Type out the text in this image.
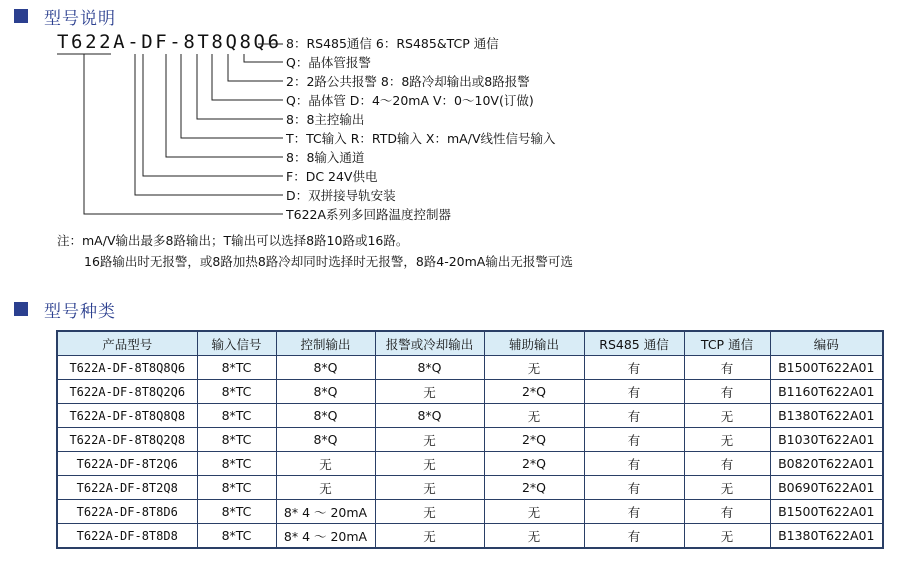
型号说明
T622A-DF-8T8Q8Q6 8：RS485通信 6：RS485&TCP 通信
Q：晶体管报警
2：2路公共报警 8：8路冷却输出或8路报警
Q：晶体管 D：4～20mA V：0～10V(订做)
8：8主控输出
T：TC输入 R：RTD输入 X：mA/V线性信号输入
8：8输入通道
F：DC 24V供电
D：双拼接导轨安装
T622A系列多回路温度控制器
注：mA/V输出最多8路输出；T输出可以选择8路10路或16路。
16路输出时无报警，或8路加热8路冷却同时选择时无报警，8路4-20mA输出无报警可选
型号种类
产品型号	输入信号	控制输出	报警或冷却输出	辅助输出	RS485 通信	TCP 通信	编码
T622A-DF-8T8Q8Q6	8*TC	8*Q	8*Q	无	有	有	B1500T622A01
T622A-DF-8T8Q2Q6	8*TC	8*Q	无	2*Q	有	有	B1160T622A01
T622A-DF-8T8Q8Q8	8*TC	8*Q	8*Q	无	有	无	B1380T622A01
T622A-DF-8T8Q2Q8	8*TC	8*Q	无	2*Q	有	无	B1030T622A01
T622A-DF-8T2Q6	8*TC	无	无	2*Q	有	有	B0820T622A01
T622A-DF-8T2Q8	8*TC	无	无	2*Q	有	无	B0690T622A01
T622A-DF-8T8D6	8*TC	8* 4 ～ 20mA	无	无	有	有	B1500T622A01
T622A-DF-8T8D8	8*TC	8* 4 ～ 20mA	无	无	有	无	B1380T622A01
